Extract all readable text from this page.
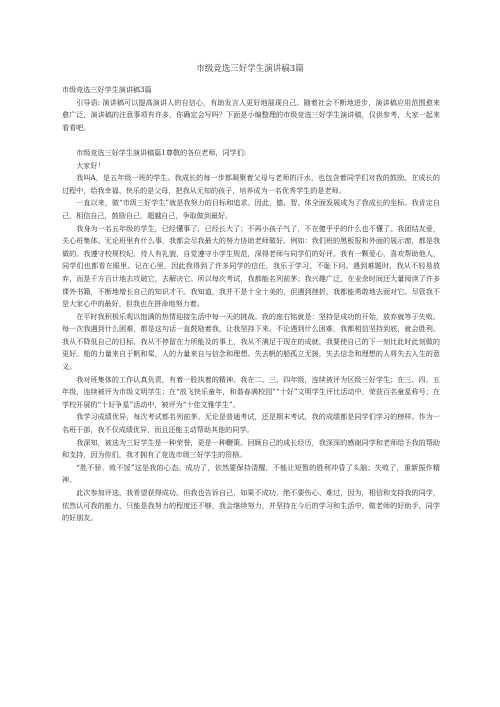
市级竞选三好学生演讲稿3篇

市级竞选三好学生演讲稿3篇

引导语: 演讲稿可以提高演讲人的自信心，有助发言人更好地展现自己。随着社会不断地进步，演讲稿应用范围愈来愈广泛，演讲稿的注意事项有许多，你确定会写吗？下面是小编整理的市级竞选三好学生演讲稿，仅供参考，大家一起来看看吧。

市级竞选三好学生演讲稿篇1尊敬的各位老师，同学们:

大家好！

我叫A，是五年级一班的学生。我成长的每一步都凝聚着父母与老师的汗水，也包含着同学们对我的鼓励。在成长的过程中，给我幸福、快乐的是父母，把我从无知的孩子，培养成为一名优秀学生的是老师。

一直以来，做“市级三好学生”就是我努力的目标和追求。因此，德、智、体全面发展成为了我成长的坐标。我肯定自己，相信自己，鼓励自己，超越自己，争取做到最好。

我身为一名五年级的学生，已经懂事了，已经长大了；不再小孩子气了，不在傻乎乎的什么也不懂了。我团结友爱，关心班集体。无论班里有什么事，我都会尽我最大的努力协助老师做好。例如：我们班的黑板报和外面的展示窗，都是我做的。我遵守校规校纪，待人有礼貌，自觉遵守小学生规范，深得老师与同学们的好评。我有一颗爱心，喜欢帮助他人，同学们也都看在眼里、记在心里，因此我得到了许多同学的信任，我乐于学习、不耻下问。遇到难题时，我从不轻易放弃，而是千方百计地去攻破它，去解决它。所以每次考试，我都能名列前茅；我兴趣广泛，在业余时间还大量阅读了许多课外书籍，不断地增长自己的知识才干。我知道，我并不是十全十美的，但遇到挫折，我都能勇敢地去面对它。尽管我不是大家心中的最好，但我也在拼命地努力着。

在平时我积极乐观以饱满的热情迎接生活中每一天的挑战。我的座右铭就是：坚持是成功的开始，放弃就等于失败。每一次我遇到什么困难，都是这句话一直鼓励着我，让我坚持下来。不论遇到什么困难，我都相信坚持到底，就会胜利。我从不降低自己的目标，我从不停留在力所能及的事上，我从不满足于现在的成就，我要使自己的下一刻比此时此刻做的更好。船的力量来自于帆和桨，人的力量来自与信念和理想。失去帆的船孤立无援，失去信念和理想的人将失去人生的意义。

我对班集体的工作认真负责，有着一股执着的精神。我在二、三、四年级，连续被评为区级三好学生；在三、四、五年级，连续被评为市级文明学生；在“放飞快乐童年，和谐春满校园”“十好”文明学生评比活动中，荣获百名童星称号；在学校开展的“十好争星”活动中，被评为“十佳文雅学生”。

我学习成绩优异，每次考试都名列前茅。无论是普通考试，还是期末考试，我的成绩都是同学们学习的榜样。作为一名班干部，我不仅成绩优异，而且还能主动帮助其他的同学。

我深知，被选为三好学生是一种荣誉，更是一种鞭策。回顾自己的成长经历，我深深的感谢同学和老师给予我的帮助和支持，因为你们，我才拥有了竞选市级三好学生的资格。

“胜不骄，败不馁”这是我的心态。成功了，依然要保持清醒，不能让短暂的胜利冲昏了头脑；失败了，重新振作精神。

此次参加评选，我希望获得成功。但我也告诉自己，如果不成功，绝不要伤心、难过，因为，相信和支持我的同学，依然认可我的能力，只能是我努力的程度还不够，我会继续努力，并坚持在今后的学习和生活中，做老师的好助手，同学的好朋友。
